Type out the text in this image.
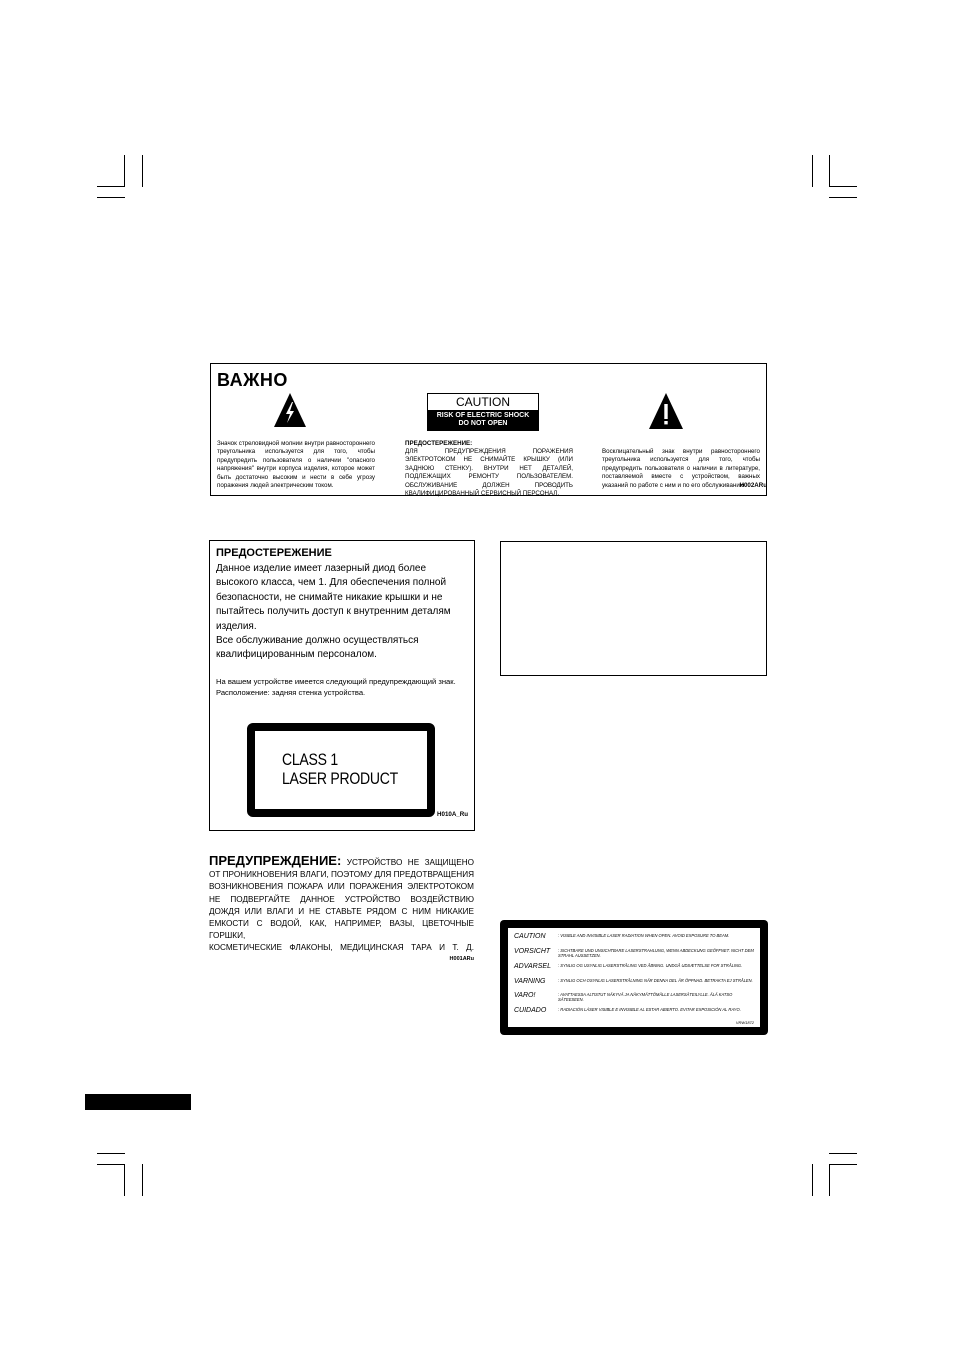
ВАЖНО
Значок стреловидной молнии внутри равностороннего треугольника используется для того, чтобы предупредить пользователя о наличии "опасного напряжения" внутри корпуса изделия, которое может быть достаточно высоким и нести в себе угрозу поражения людей электрическим током.
CAUTION
RISK OF ELECTRIC SHOCK
DO NOT OPEN
ПРЕДОСТЕРЕЖЕНИЕ:
ДЛЯ ПРЕДУПРЕЖДЕНИЯ ПОРАЖЕНИЯ ЭЛЕКТРОТОКОМ НЕ СНИМАЙТЕ КРЫШКУ (ИЛИ ЗАДНЮЮ СТЕНКУ). ВНУТРИ НЕТ ДЕТАЛЕЙ, ПОДЛЕЖАЩИХ РЕМОНТУ ПОЛЬЗОВАТЕЛЕМ. ОБСЛУЖИВАНИЕ ДОЛЖЕН ПРОВОДИТЬ КВАЛИФИЦИРОВАННЫЙ СЕРВИСНЫЙ ПЕРСОНАЛ.
Восклицательный знак внутри равностороннего треугольника используется для того, чтобы предупредить пользователя о наличии в литературе, поставляемой вместе с устройством, важных указаний по работе с ним и по его обслуживанию.
H002ARu
ПРЕДОСТЕРЕЖЕНИЕ
Данное изделие имеет лазерный диод более высокого класса, чем 1. Для обеспечения полной безопасности, не снимайте никакие крышки и не пытайтесь получить доступ к внутренним деталям изделия.
Все обслуживание должно осуществляться квалифицированным персоналом.
На вашем устройстве имеется следующий предупреждающий знак.
Расположение: задняя стенка устройства.
CLASS 1
LASER PRODUCT
H010A_Ru
ПРЕДУПРЕЖДЕНИЕ: УСТРОЙСТВО НЕ ЗАЩИЩЕНО ОТ ПРОНИКНОВЕНИЯ ВЛАГИ, ПОЭТОМУ ДЛЯ ПРЕДОТВРАЩЕНИЯ ВОЗНИКНОВЕНИЯ ПОЖАРА ИЛИ ПОРАЖЕНИЯ ЭЛЕКТРОТОКОМ НЕ ПОДВЕРГАЙТЕ ДАННОЕ УСТРОЙСТВО ВОЗДЕЙСТВИЮ ДОЖДЯ ИЛИ ВЛАГИ И НЕ СТАВЬТЕ РЯДОМ С НИМ НИКАКИЕ ЕМКОСТИ С ВОДОЙ, КАК, НАПРИМЕР, ВАЗЫ, ЦВЕТОЧНЫЕ ГОРШКИ,
КОСМЕТИЧЕСКИЕ ФЛАКОНЫ, МЕДИЦИНСКАЯ ТАРА И Т. Д.
H001ARu
CAUTION	: VISIBLE AND INVISIBLE LASER RADIATION WHEN OPEN. AVOID EXPOSURE TO BEAM.
VORSICHT	: SICHTBARE UND UNSICHTBARE LASERSTRAHLUNG, WENN ABDECKUNG GEÖFFNET. NICHT DEM STRAHL AUSSETZEN.
ADVARSEL	: SYNLIG OG USYNLIG LASERSTRÅLING VED ÅBNING. UNDGÅ UDSÆTTELSE FOR STRÅLING.
VARNING	: SYNLIG OCH OSYNLIG LASERSTRÅLNING NÄR DENNA DEL ÄR ÖPPNAD. BETRAKTA EJ STRÅLEN.
VARO!	: AVATTAESSA ALTISTUT NÄKYVÄ JA NÄKYMÄTTÖMÄLLE LASERSÄTEILYLLE. ÄLÄ KATSO SÄTEESEEN.
CUIDADO	: RADIACIÓN LÁSER VISIBLE E INVISIBLE AL ESTAR ABIERTO. EVITAR EXPOSICIÓN AL RAYO.
VRW1872
